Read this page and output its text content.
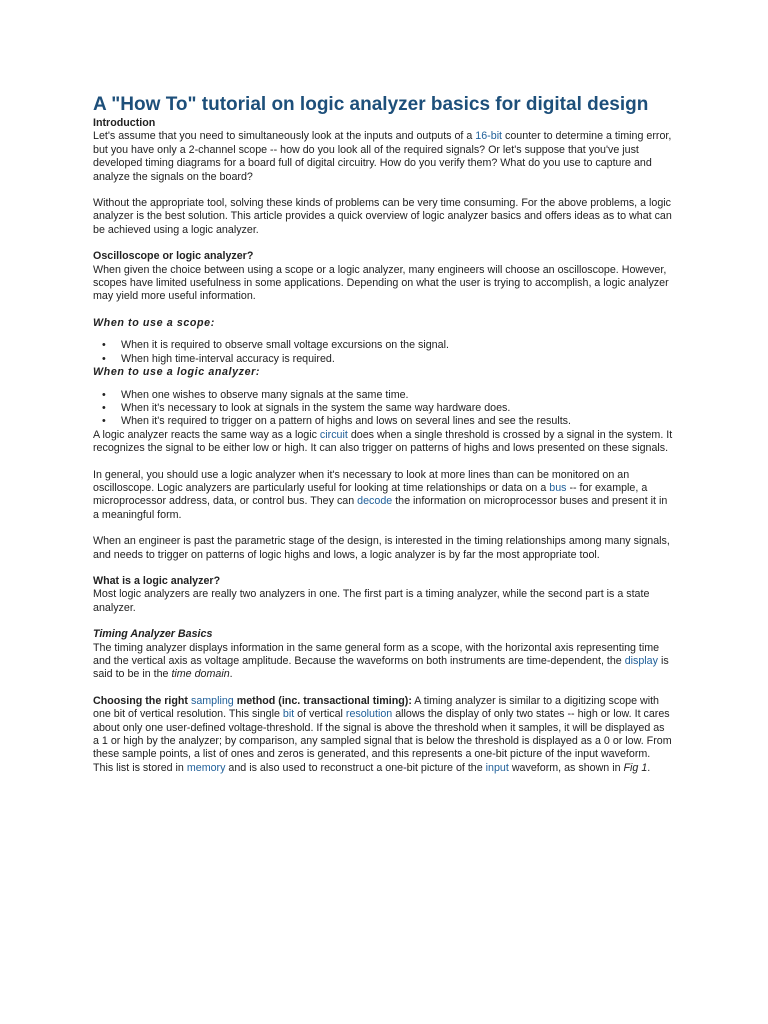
A "How To" tutorial on logic analyzer basics for digital design

Introduction

Let's assume that you need to simultaneously look at the inputs and outputs of a 16-bit counter to determine a timing error, but you have only a 2-channel scope -- how do you look all of the required signals? Or let's suppose that you've just developed timing diagrams for a board full of digital circuitry. How do you verify them? What do you use to capture and analyze the signals on the board?

Without the appropriate tool, solving these kinds of problems can be very time consuming. For the above problems, a logic analyzer is the best solution. This article provides a quick overview of logic analyzer basics and offers ideas as to what can be achieved using a logic analyzer.

Oscilloscope or logic analyzer?

When given the choice between using a scope or a logic analyzer, many engineers will choose an oscilloscope. However, scopes have limited usefulness in some applications. Depending on what the user is trying to accomplish, a logic analyzer may yield more useful information.

When to use a scope:

• When it is required to observe small voltage excursions on the signal.
• When high time-interval accuracy is required.

When to use a logic analyzer:

• When one wishes to observe many signals at the same time.
• When it's necessary to look at signals in the system the same way hardware does.
• When it's required to trigger on a pattern of highs and lows on several lines and see the results.

A logic analyzer reacts the same way as a logic circuit does when a single threshold is crossed by a signal in the system. It recognizes the signal to be either low or high. It can also trigger on patterns of highs and lows presented on these signals.

In general, you should use a logic analyzer when it's necessary to look at more lines than can be monitored on an oscilloscope. Logic analyzers are particularly useful for looking at time relationships or data on a bus -- for example, a microprocessor address, data, or control bus. They can decode the information on microprocessor buses and present it in a meaningful form.

When an engineer is past the parametric stage of the design, is interested in the timing relationships among many signals, and needs to trigger on patterns of logic highs and lows, a logic analyzer is by far the most appropriate tool.

What is a logic analyzer?

Most logic analyzers are really two analyzers in one. The first part is a timing analyzer, while the second part is a state analyzer.

Timing Analyzer Basics

The timing analyzer displays information in the same general form as a scope, with the horizontal axis representing time and the vertical axis as voltage amplitude. Because the waveforms on both instruments are time-dependent, the display is said to be in the time domain.

Choosing the right sampling method (inc. transactional timing): A timing analyzer is similar to a digitizing scope with one bit of vertical resolution. This single bit of vertical resolution allows the display of only two states -- high or low. It cares about only one user-defined voltage-threshold. If the signal is above the threshold when it samples, it will be displayed as a 1 or high by the analyzer; by comparison, any sampled signal that is below the threshold is displayed as a 0 or low. From these sample points, a list of ones and zeros is generated, and this represents a one-bit picture of the input waveform. This list is stored in memory and is also used to reconstruct a one-bit picture of the input waveform, as shown in Fig 1.
